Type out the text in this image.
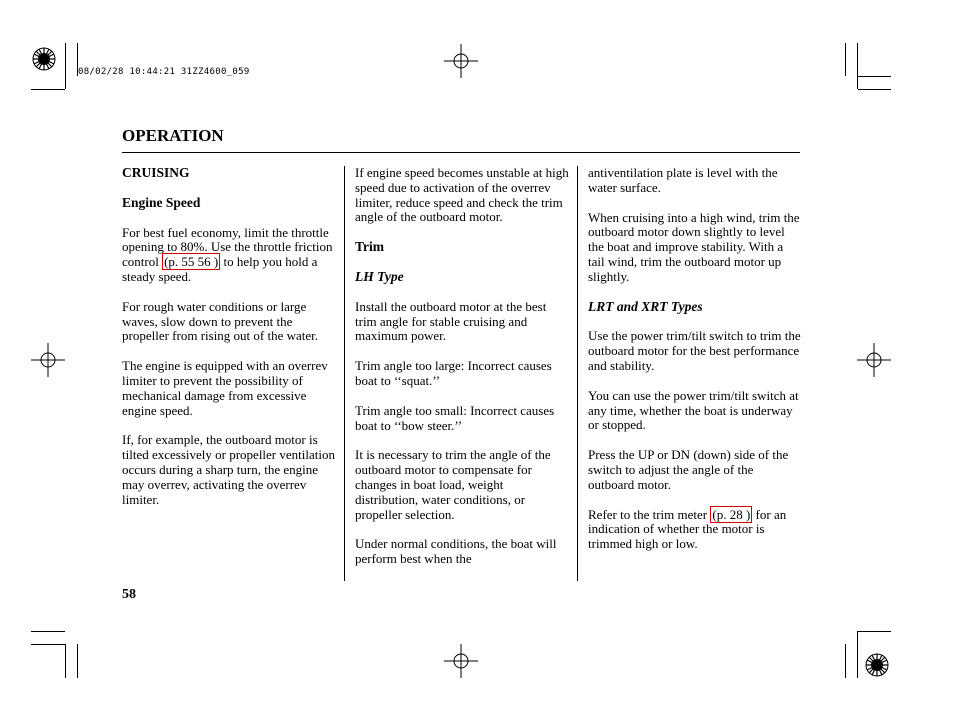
08/02/28 10:44:21 31ZZ4600_059
OPERATION
CRUISING
Engine Speed

For best fuel economy, limit the throttle opening to 80%. Use the throttle friction control (p. 55 56 ) to help you hold a steady speed.

For rough water conditions or large waves, slow down to prevent the propeller from rising out of the water.

The engine is equipped with an overrev limiter to prevent the possibility of mechanical damage from excessive engine speed.

If, for example, the outboard motor is tilted excessively or propeller ventilation occurs during a sharp turn, the engine may overrev, activating the overrev limiter.

If engine speed becomes unstable at high speed due to activation of the overrev limiter, reduce speed and check the trim angle of the outboard motor.

Trim
LH Type

Install the outboard motor at the best trim angle for stable cruising and maximum power.

Trim angle too large: Incorrect causes boat to ‘‘squat.’’

Trim angle too small: Incorrect causes boat to ‘‘bow steer.’’

It is necessary to trim the angle of the outboard motor to compensate for changes in boat load, weight distribution, water conditions, or propeller selection.

Under normal conditions, the boat will perform best when the

antiventilation plate is level with the water surface.

When cruising into a high wind, trim the outboard motor down slightly to level the boat and improve stability. With a tail wind, trim the outboard motor up slightly.

LRT and XRT Types

Use the power trim/tilt switch to trim the outboard motor for the best performance and stability.

You can use the power trim/tilt switch at any time, whether the boat is underway or stopped.

Press the UP or DN (down) side of the switch to adjust the angle of the outboard motor.

Refer to the trim meter (p. 28 ) for an indication of whether the motor is trimmed high or low.

58
